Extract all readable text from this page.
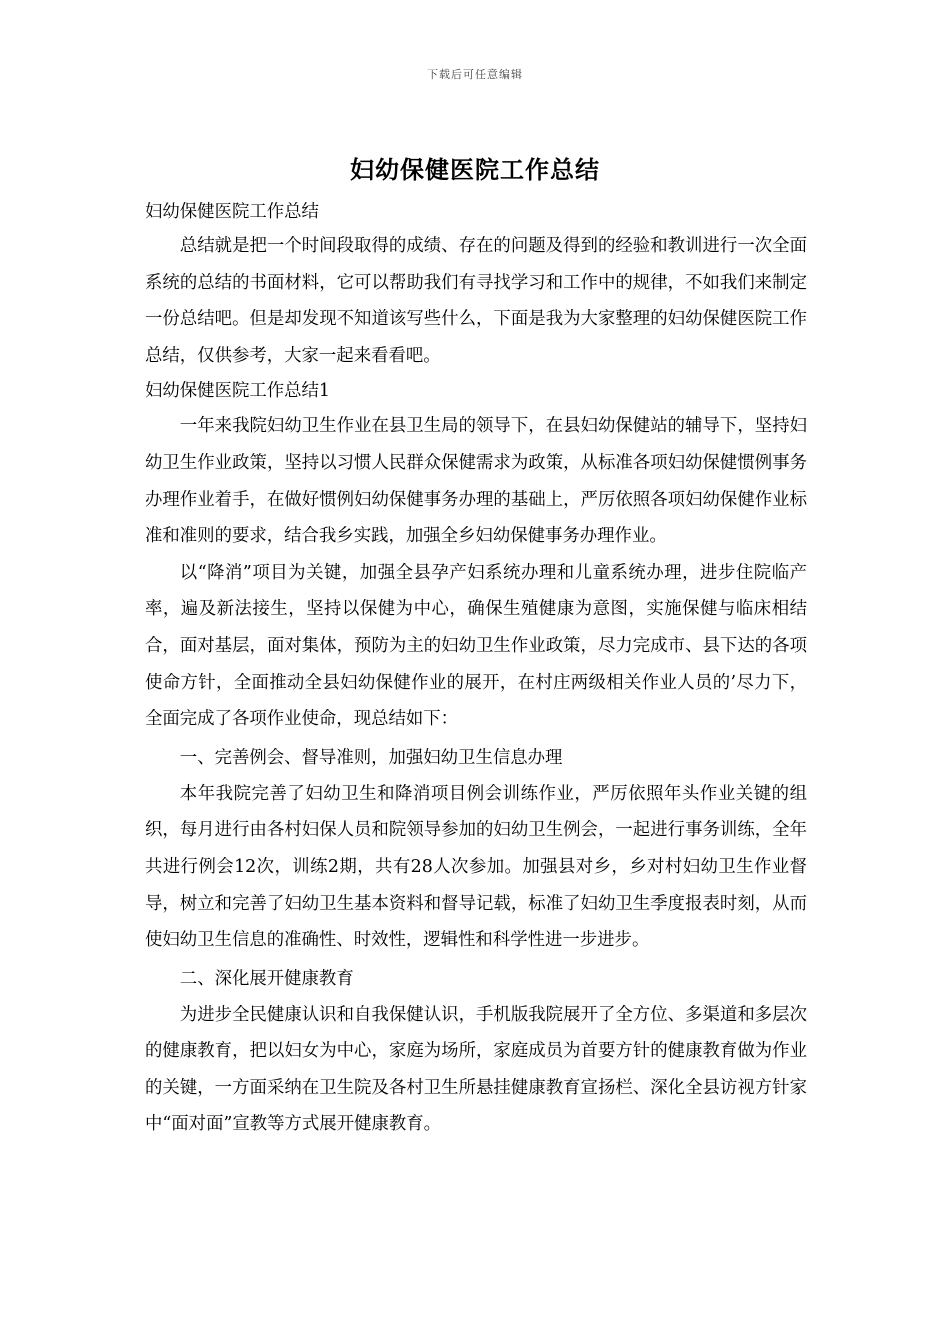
下载后可任意编辑
妇幼保健医院工作总结

妇幼保健医院工作总结

总结就是把一个时间段取得的成绩、存在的问题及得到的经验和教训进行一次全面系统的总结的书面材料，它可以帮助我们有寻找学习和工作中的规律，不如我们来制定一份总结吧。但是却发现不知道该写些什么，下面是我为大家整理的妇幼保健医院工作总结，仅供参考，大家一起来看看吧。

妇幼保健医院工作总结1

一年来我院妇幼卫生作业在县卫生局的领导下，在县妇幼保健站的辅导下，坚持妇幼卫生作业政策，坚持以习惯人民群众保健需求为政策，从标准各项妇幼保健惯例事务办理作业着手，在做好惯例妇幼保健事务办理的基础上，严厉依照各项妇幼保健作业标准和准则的要求，结合我乡实践，加强全乡妇幼保健事务办理作业。

以“降消”项目为关键，加强全县孕产妇系统办理和儿童系统办理，进步住院临产率，遍及新法接生，坚持以保健为中心，确保生殖健康为意图，实施保健与临床相结合，面对基层，面对集体，预防为主的妇幼卫生作业政策，尽力完成市、县下达的各项使命方针，全面推动全县妇幼保健作业的展开，在村庄两级相关作业人员的’尽力下，全面完成了各项作业使命，现总结如下：

一、完善例会、督导准则，加强妇幼卫生信息办理

本年我院完善了妇幼卫生和降消项目例会训练作业，严厉依照年头作业关键的组织，每月进行由各村妇保人员和院领导参加的妇幼卫生例会，一起进行事务训练，全年共进行例会12次，训练2期，共有28人次参加。加强县对乡，乡对村妇幼卫生作业督导，树立和完善了妇幼卫生基本资料和督导记载，标准了妇幼卫生季度报表时刻，从而使妇幼卫生信息的准确性、时效性，逻辑性和科学性进一步进步。

二、深化展开健康教育

为进步全民健康认识和自我保健认识，手机版我院展开了全方位、多渠道和多层次的健康教育，把以妇女为中心，家庭为场所，家庭成员为首要方针的健康教育做为作业的关键，一方面采纳在卫生院及各村卫生所悬挂健康教育宣扬栏、深化全县访视方针家中“面对面”宣教等方式展开健康教育。
